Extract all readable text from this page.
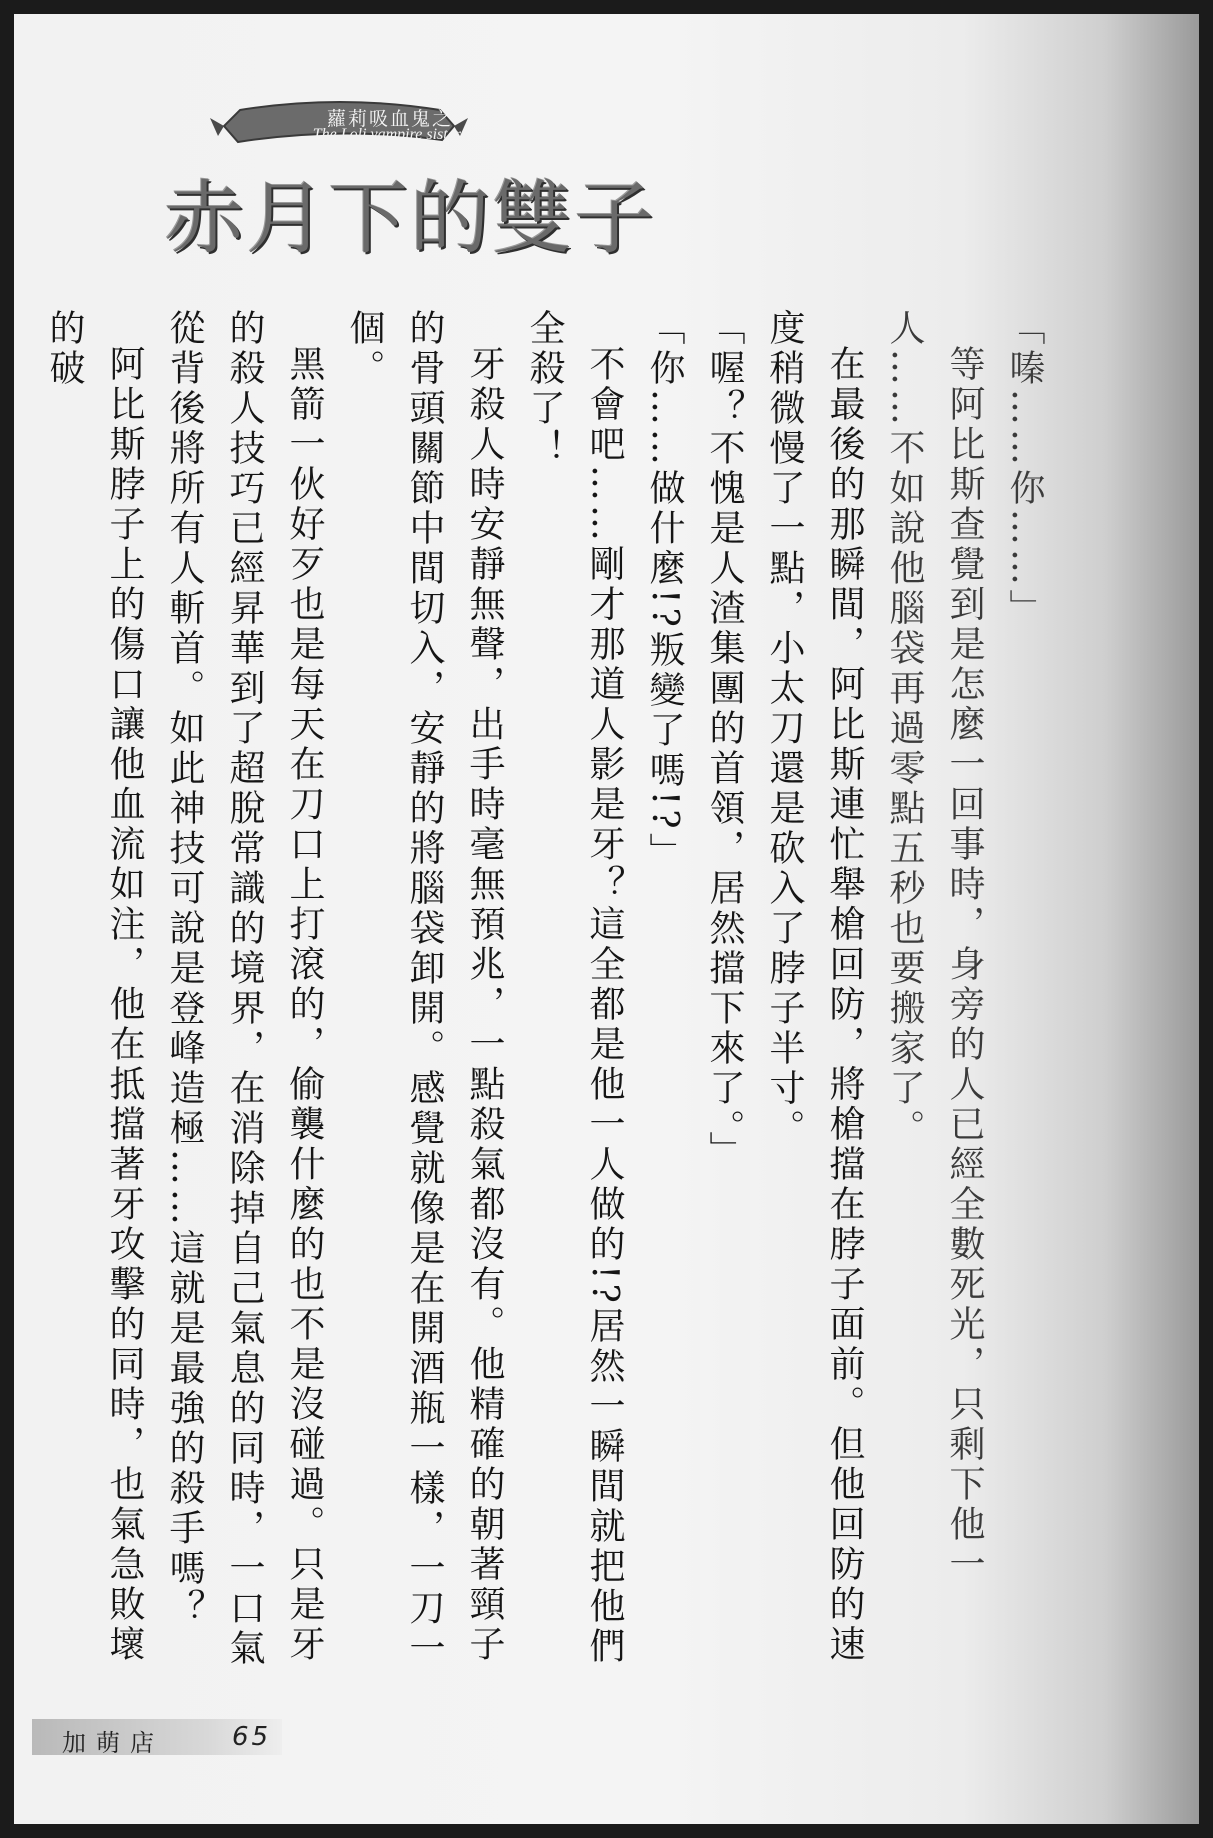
蘿莉吸血鬼之
The Loli vampire sisters
赤月下的雙子

「嗪……你……」

等阿比斯查覺到是怎麼一回事時，身旁的人已經全數死光，只剩下他一人……不如說他腦袋再過零點五秒也要搬家了。

在最後的那瞬間，阿比斯連忙舉槍回防，將槍擋在脖子面前。但他回防的速度稍微慢了一點，小太刀還是砍入了脖子半寸。

「喔？不愧是人渣集團的首領，居然擋下來了。」

「你……做什麼!?叛變了嗎!?」

不會吧……剛才那道人影是牙？這全都是他一人做的!?居然一瞬間就把他們全殺了！

牙殺人時安靜無聲，出手時毫無預兆，一點殺氣都沒有。他精確的朝著頸子的骨頭關節中間切入，安靜的將腦袋卸開。感覺就像是在開酒瓶一樣，一刀一個。

黑箭一伙好歹也是每天在刀口上打滾的，偷襲什麼的也不是沒碰過。只是牙的殺人技巧已經昇華到了超脫常識的境界，在消除掉自己氣息的同時，一口氣從背後將所有人斬首。如此神技可說是登峰造極……這就是最強的殺手嗎？

阿比斯脖子上的傷口讓他血流如注，他在抵擋著牙攻擊的同時，也氣急敗壞的破

加萌店	65
